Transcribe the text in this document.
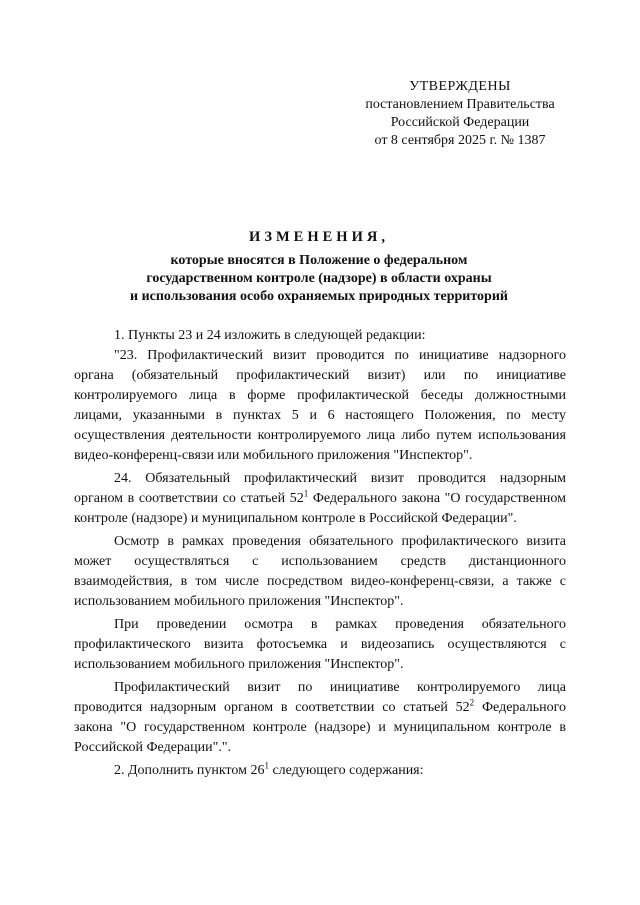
УТВЕРЖДЕНЫ
постановлением Правительства
Российской Федерации
от 8 сентября 2025 г. № 1387
ИЗМЕНЕНИЯ,
которые вносятся в Положение о федеральном
государственном контроле (надзоре) в области охраны
и использования особо охраняемых природных территорий

1. Пункты 23 и 24 изложить в следующей редакции:

"23. Профилактический визит проводится по инициативе надзорного органа (обязательный профилактический визит) или по инициативе контролируемого лица в форме профилактической беседы должностными лицами, указанными в пунктах 5 и 6 настоящего Положения, по месту осуществления деятельности контролируемого лица либо путем использования видео-конференц-связи или мобильного приложения "Инспектор".

24. Обязательный профилактический визит проводится надзорным органом в соответствии со статьей $52^1$ Федерального закона "О государственном контроле (надзоре) и муниципальном контроле в Российской Федерации".

Осмотр в рамках проведения обязательного профилактического визита может осуществляться с использованием средств дистанционного взаимодействия, в том числе посредством видео-конференц-связи, а также с использованием мобильного приложения "Инспектор".

При проведении осмотра в рамках проведения обязательного профилактического визита фотосъемка и видеозапись осуществляются с использованием мобильного приложения "Инспектор".

Профилактический визит по инициативе контролируемого лица проводится надзорным органом в соответствии со статьей $52^2$ Федерального закона "О государственном контроле (надзоре) и муниципальном контроле в Российской Федерации".".

2. Дополнить пунктом $26^1$ следующего содержания:
